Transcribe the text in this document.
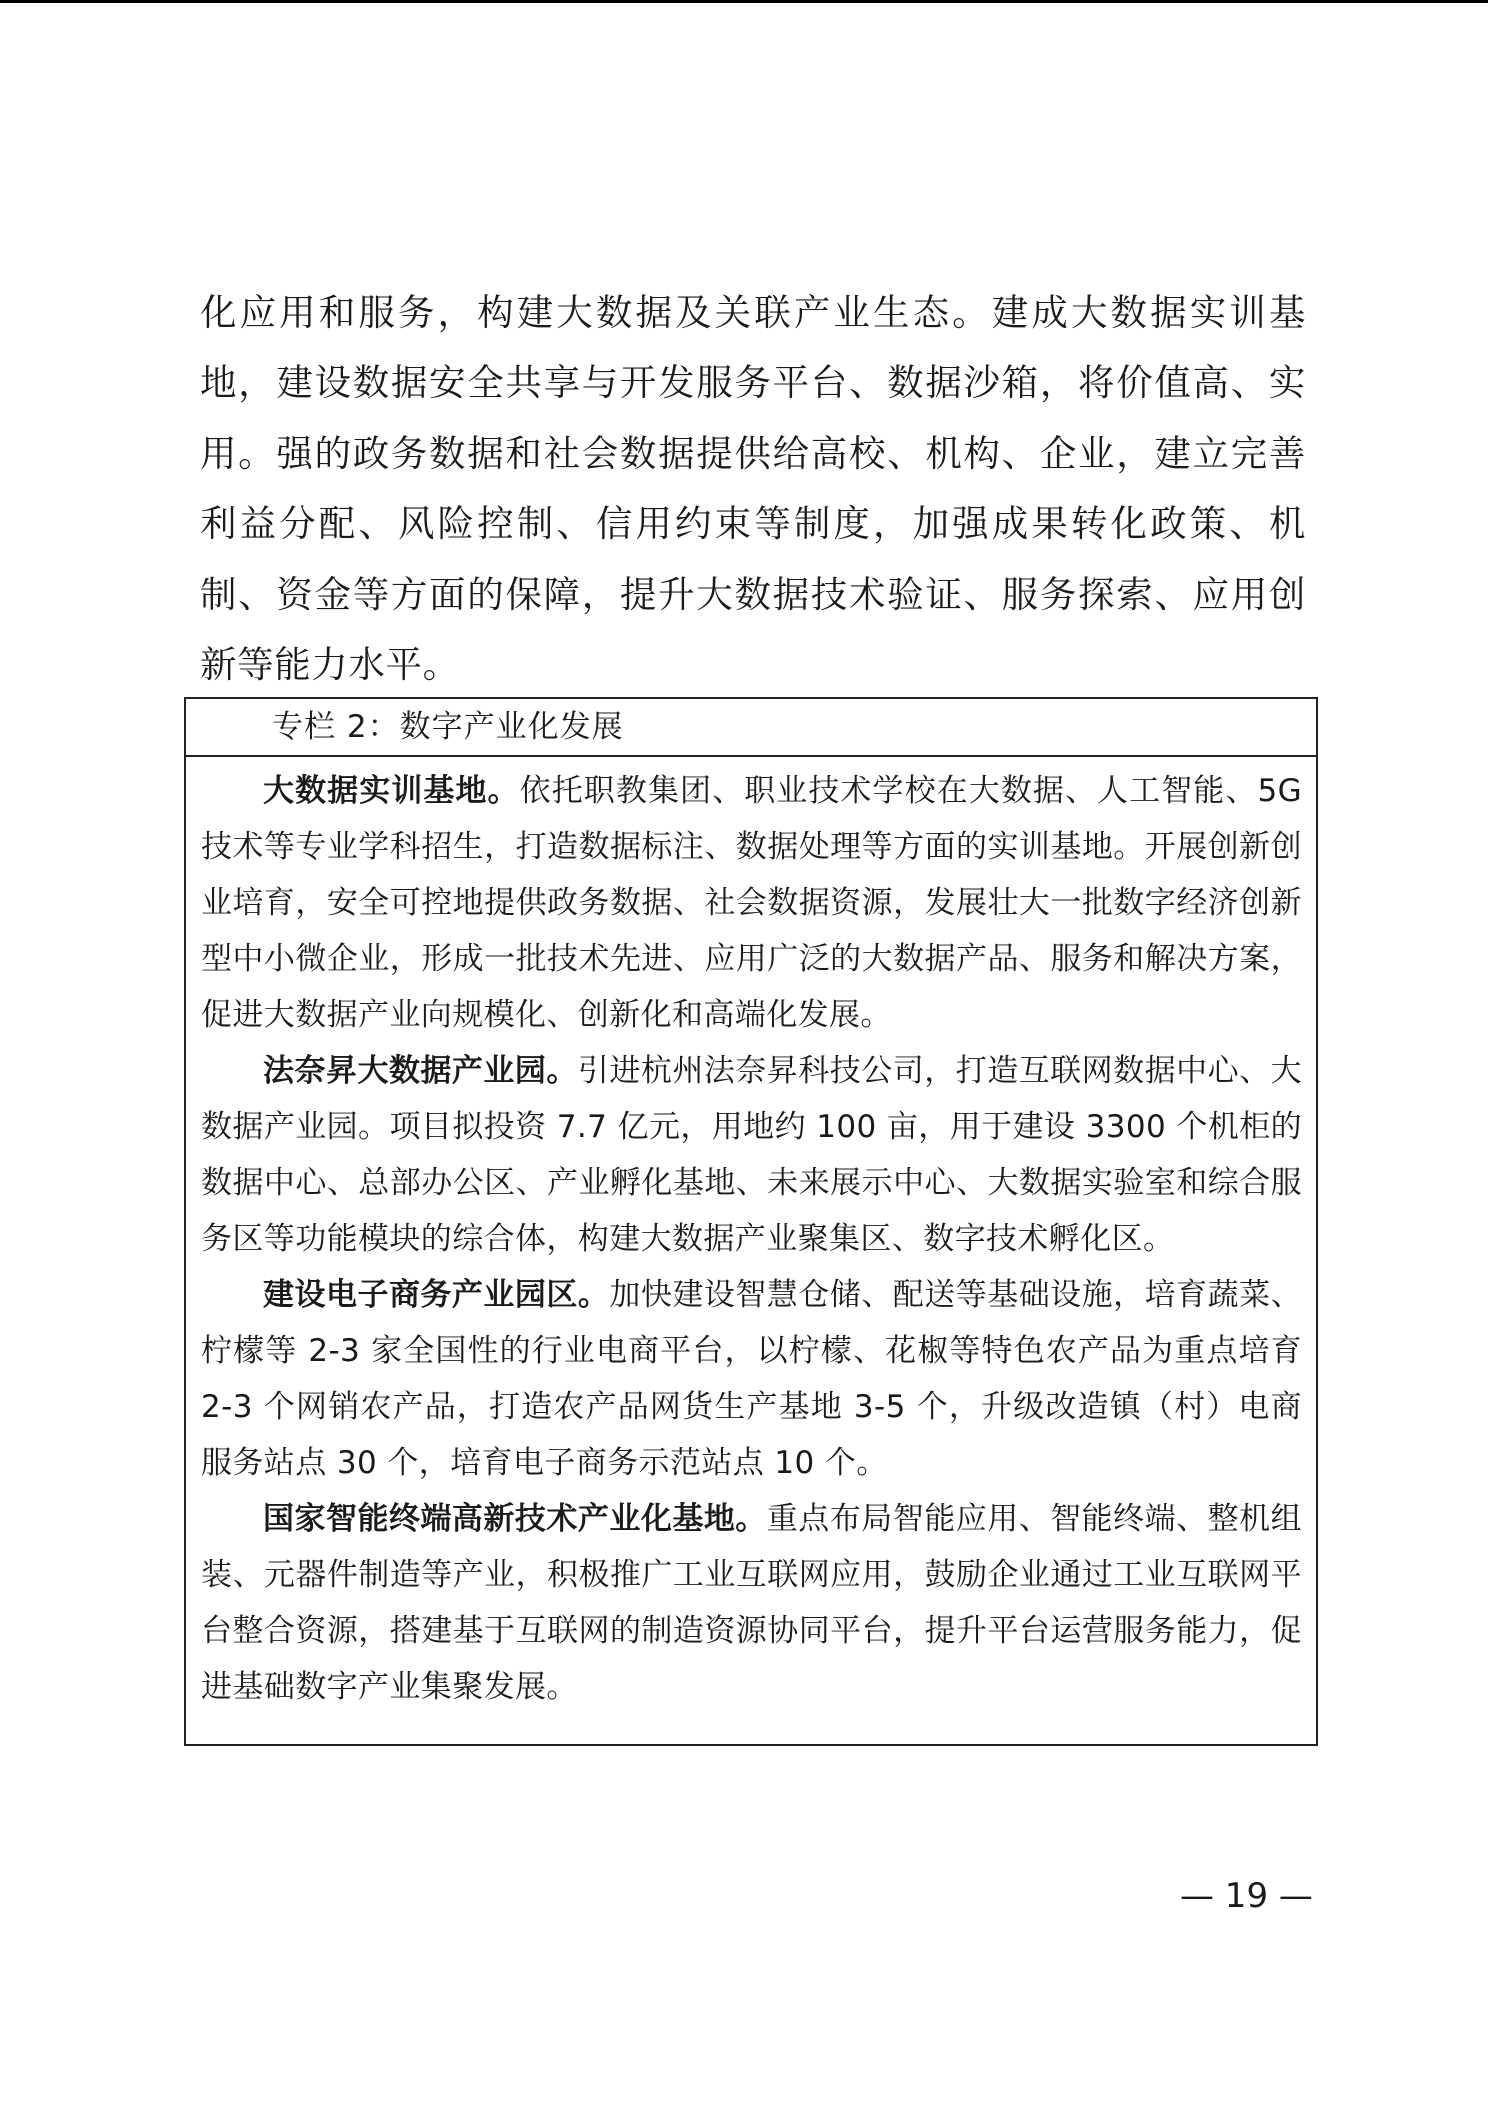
化应用和服务，构建大数据及关联产业生态。建成大数据实训基地，建设数据安全共享与开发服务平台、数据沙箱，将价值高、实用。强的政务数据和社会数据提供给高校、机构、企业，建立完善利益分配、风险控制、信用约束等制度，加强成果转化政策、机制、资金等方面的保障，提升大数据技术验证、服务探索、应用创新等能力水平。

专栏 2：数字产业化发展

大数据实训基地。依托职教集团、职业技术学校在大数据、人工智能、5G 技术等专业学科招生，打造数据标注、数据处理等方面的实训基地。开展创新创业培育，安全可控地提供政务数据、社会数据资源，发展壮大一批数字经济创新型中小微企业，形成一批技术先进、应用广泛的大数据产品、服务和解决方案，促进大数据产业向规模化、创新化和高端化发展。

法奈昇大数据产业园。引进杭州法奈昇科技公司，打造互联网数据中心、大数据产业园。项目拟投资 7.7 亿元，用地约 100 亩，用于建设 3300 个机柜的数据中心、总部办公区、产业孵化基地、未来展示中心、大数据实验室和综合服务区等功能模块的综合体，构建大数据产业聚集区、数字技术孵化区。

建设电子商务产业园区。加快建设智慧仓储、配送等基础设施，培育蔬菜、柠檬等 2-3 家全国性的行业电商平台，以柠檬、花椒等特色农产品为重点培育 2-3 个网销农产品，打造农产品网货生产基地 3-5 个，升级改造镇（村）电商服务站点 30 个，培育电子商务示范站点 10 个。

国家智能终端高新技术产业化基地。重点布局智能应用、智能终端、整机组装、元器件制造等产业，积极推广工业互联网应用，鼓励企业通过工业互联网平台整合资源，搭建基于互联网的制造资源协同平台，提升平台运营服务能力，促进基础数字产业集聚发展。

— 19 —
